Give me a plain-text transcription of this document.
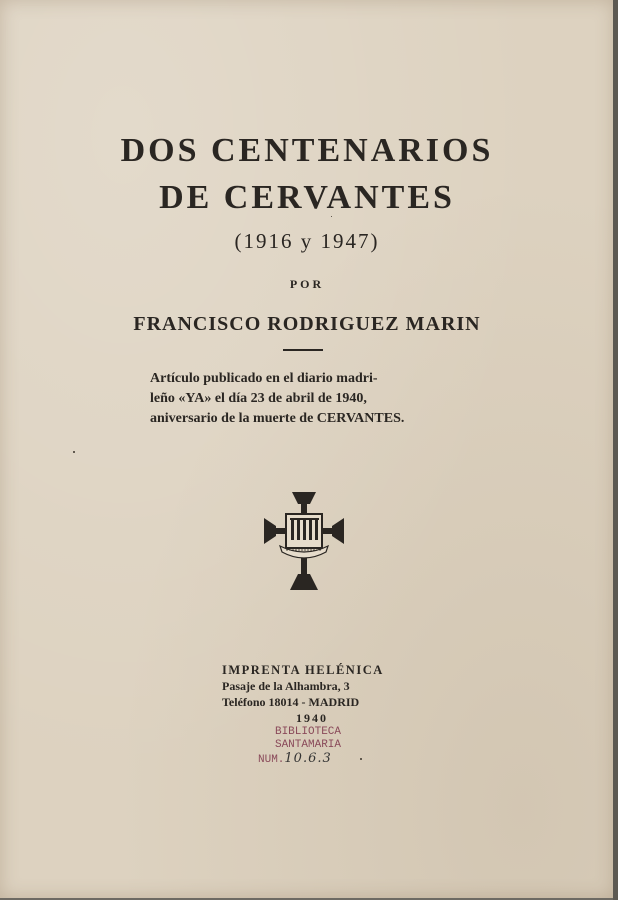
DOS CENTENARIOS
DE CERVANTES
(1916 y 1947)
POR
FRANCISCO RODRIGUEZ MARIN
Artículo publicado en el diario madri-
leño «YA» el día 23 de abril de 1940,
aniversario de la muerte de CERVANTES.
IMPRENTA HELÉNICA
Pasaje de la Alhambra, 3
Teléfono 18014 - MADRID
1940
BIBLIOTECA
SANTAMARIA
NUM.10.6.3
